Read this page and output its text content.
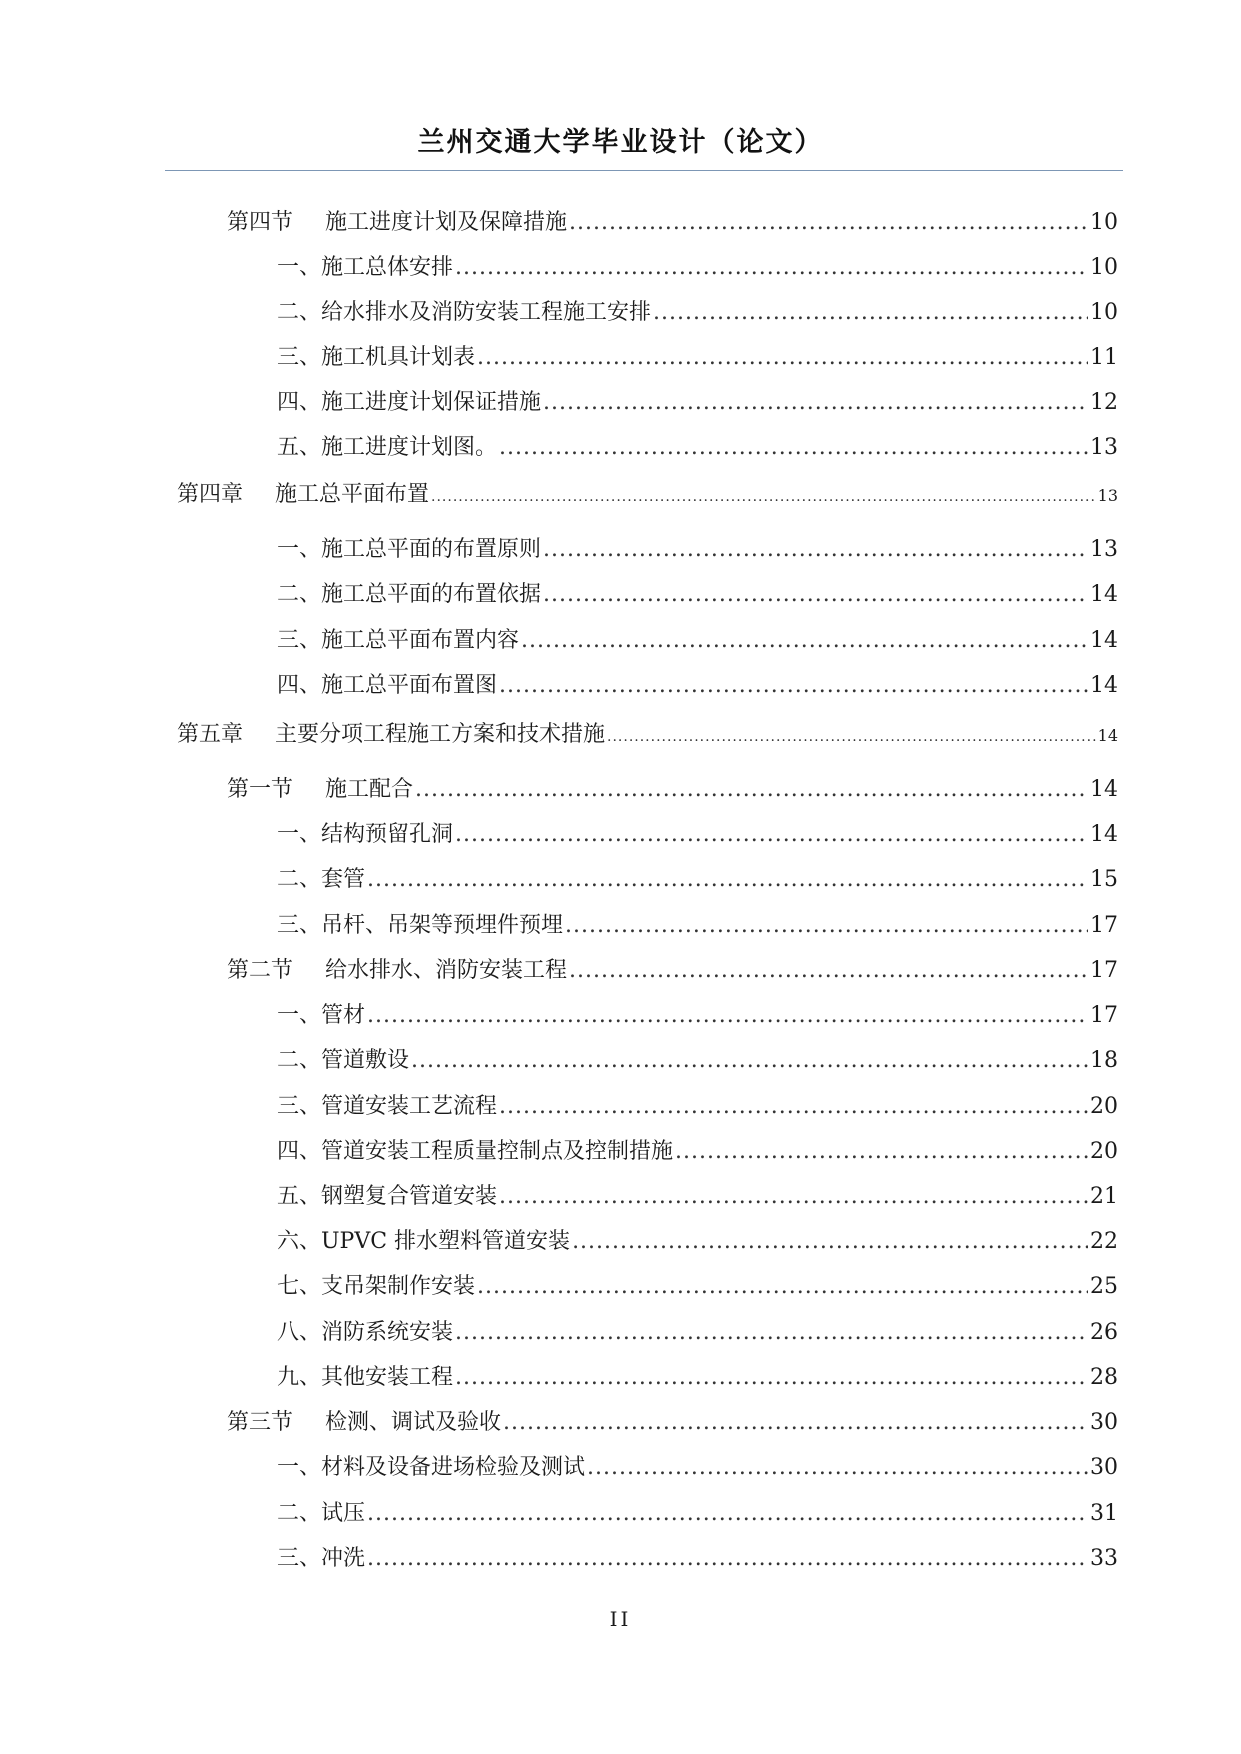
兰州交通大学毕业设计（论文）
第四节	施工进度计划及保障措施 .....	10
一、施工总体安排 .....	10
二、给水排水及消防安装工程施工安排 .....	10
三、施工机具计划表 .....	11
四、施工进度计划保证措施 .....	12
五、施工进度计划图。 .....	13
第四章	施工总平面布置 .....	13
一、施工总平面的布置原则 .....	13
二、施工总平面的布置依据 .....	14
三、施工总平面布置内容 .....	14
四、施工总平面布置图 .....	14
第五章	主要分项工程施工方案和技术措施 .....	14
第一节	施工配合 .....	14
一、结构预留孔洞 .....	14
二、套管 .....	15
三、吊杆、吊架等预埋件预埋 .....	17
第二节	给水排水、消防安装工程 .....	17
一、管材 .....	17
二、管道敷设 .....	18
三、管道安装工艺流程 .....	20
四、管道安装工程质量控制点及控制措施 .....	20
五、钢塑复合管道安装 .....	21
六、UPVC 排水塑料管道安装 .....	22
七、支吊架制作安装 .....	25
八、消防系统安装 .....	26
九、其他安装工程 .....	28
第三节	检测、调试及验收 .....	30
一、材料及设备进场检验及测试 .....	30
二、试压 .....	31
三、冲洗 .....	33
II
